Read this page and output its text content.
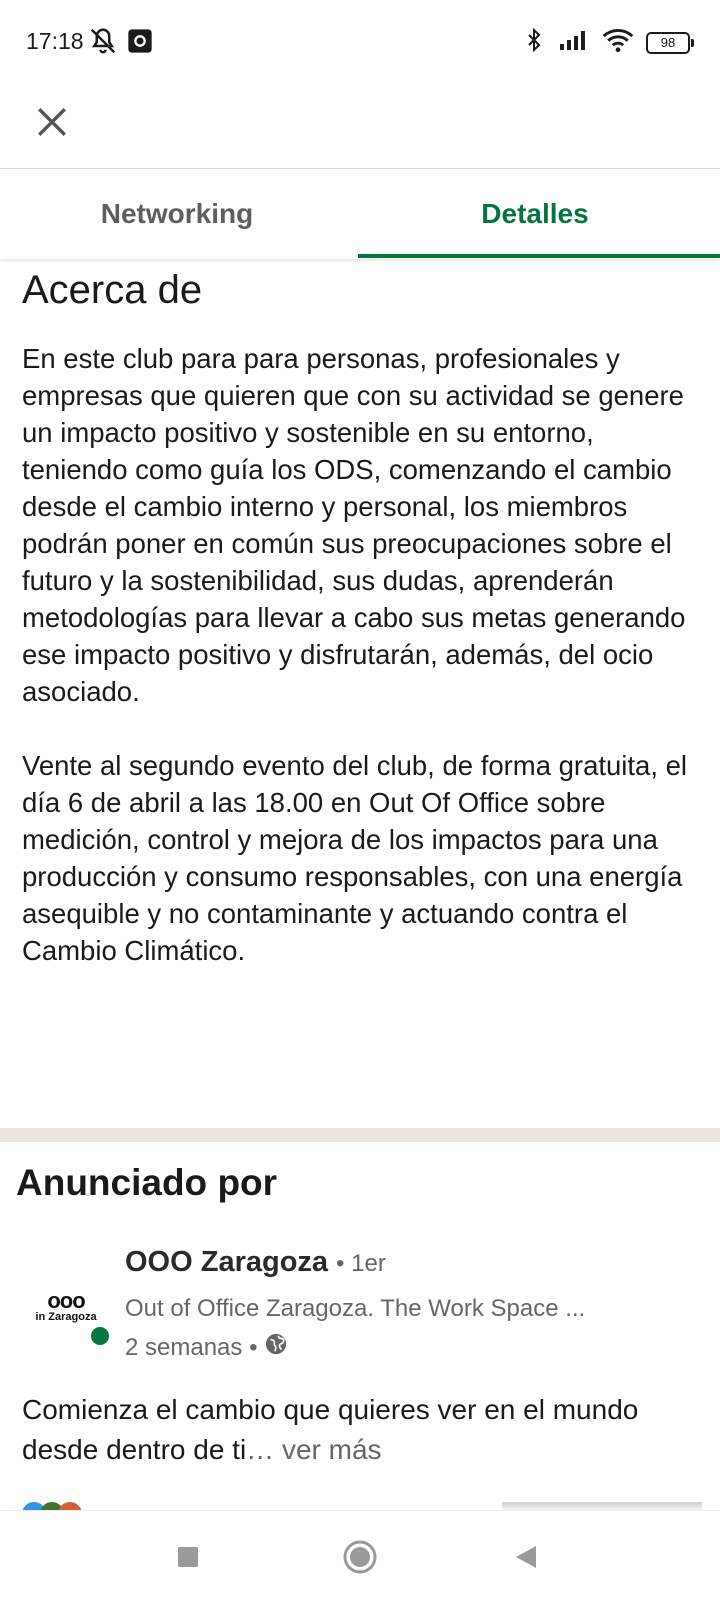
17:18	98
Networking	Detalles
Acerca de

En este club para para personas, profesionales y empresas que quieren que con su actividad se genere un impacto positivo y sostenible en su entorno, teniendo como guía los ODS, comenzando el cambio desde el cambio interno y personal, los miembros podrán poner en común sus preocupaciones sobre el futuro y la sostenibilidad, sus dudas, aprenderán metodologías para llevar a cabo sus metas generando ese impacto positivo y disfrutarán, además, del ocio asociado.

Vente al segundo evento del club, de forma gratuita, el día 6 de abril a las 18.00 en Out Of Office sobre medición, control y mejora de los impactos para una producción y consumo responsables, con una energía asequible y no contaminante y actuando contra el Cambio Climático.

Anunciado por
ooo
in Zaragoza
OOO Zaragoza • 1er
Out of Office Zaragoza. The Work Space ...
2 semanas •

Comienza el cambio que quieres ver en el mundo desde dentro de ti… ver más
